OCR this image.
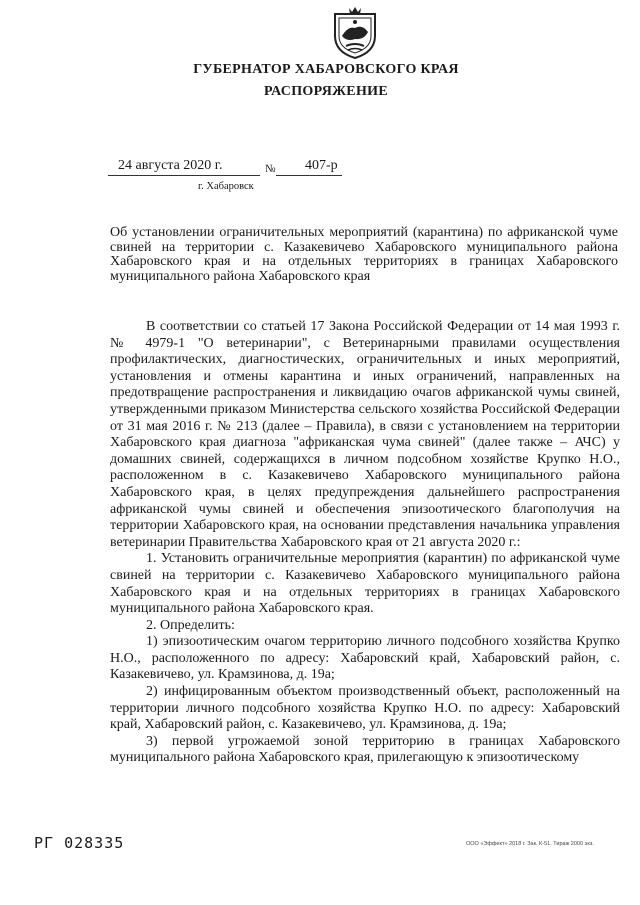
ГУБЕРНАТОР ХАБАРОВСКОГО КРАЯ
РАСПОРЯЖЕНИЕ
24 августа 2020 г.	№ 407-р
г. Хабаровск
Об установлении ограничительных мероприятий (карантина) по африканской чуме свиней на территории с. Казакевичево Хабаровского муниципального района Хабаровского края и на отдельных территориях в границах Хабаровского муниципального района Хабаровского края

В соответствии со статьей 17 Закона Российской Федерации от 14 мая 1993 г. № 4979-1 "О ветеринарии", с Ветеринарными правилами осуществления профилактических, диагностических, ограничительных и иных мероприятий, установления и отмены карантина и иных ограничений, направленных на предотвращение распространения и ликвидацию очагов африканской чумы свиней, утвержденными приказом Министерства сельского хозяйства Российской Федерации от 31 мая 2016 г. № 213 (далее – Правила), в связи с установлением на территории Хабаровского края диагноза "африканская чума свиней" (далее также – АЧС) у домашних свиней, содержащихся в личном подсобном хозяйстве Крупко Н.О., расположенном в с. Казакевичево Хабаровского муниципального района Хабаровского края, в целях предупреждения дальнейшего распространения африканской чумы свиней и обеспечения эпизоотического благополучия на территории Хабаровского края, на основании представления начальника управления ветеринарии Правительства Хабаровского края от 21 августа 2020 г.:

1. Установить ограничительные мероприятия (карантин) по африканской чуме свиней на территории с. Казакевичево Хабаровского муниципального района Хабаровского края и на отдельных территориях в границах Хабаровского муниципального района Хабаровского края.

2. Определить:

1) эпизоотическим очагом территорию личного подсобного хозяйства Крупко Н.О., расположенного по адресу: Хабаровский край, Хабаровский район, с. Казакевичево, ул. Крамзинова, д. 19а;

2) инфицированным объектом производственный объект, расположенный на территории личного подсобного хозяйства Крупко Н.О. по адресу: Хабаровский край, Хабаровский район, с. Казакевичево, ул. Крамзинова, д. 19а;

3) первой угрожаемой зоной территорию в границах Хабаровского муниципального района Хабаровского края, прилегающую к эпизоотическому

РГ 028335	ООО «Эффект» 2018 г. Зак. К-51. Тираж 2000 экз.
